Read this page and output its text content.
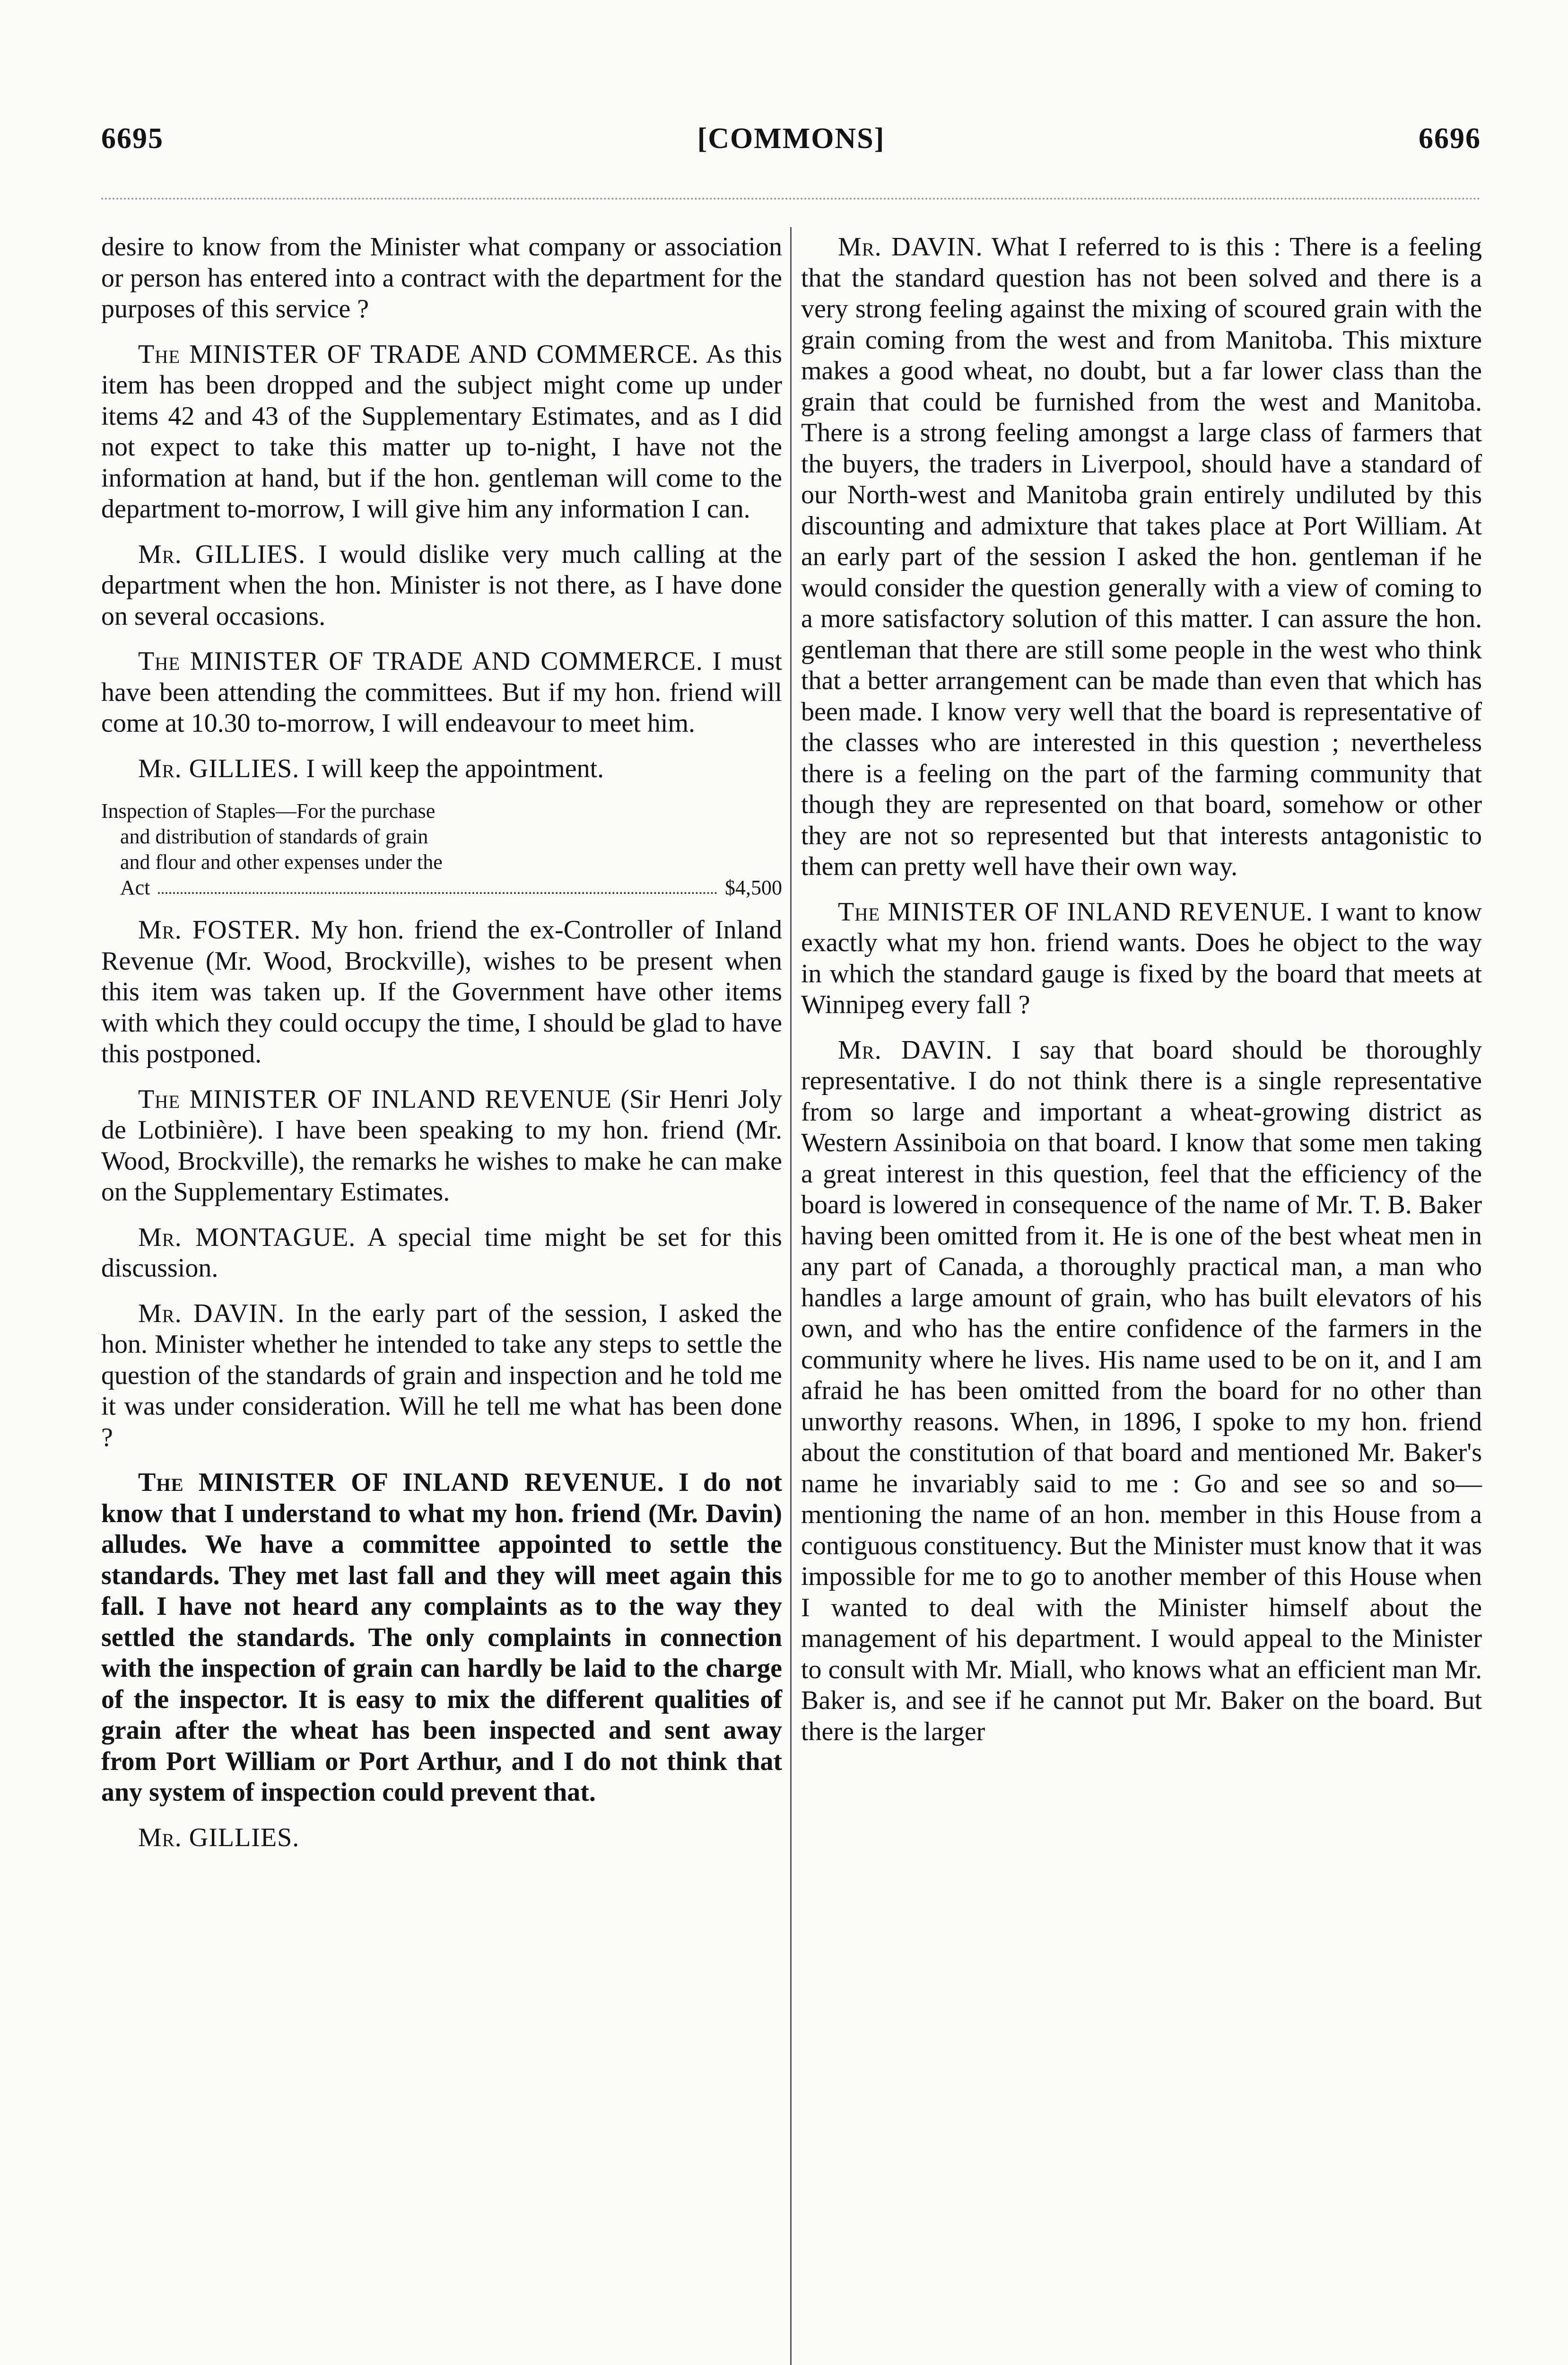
6695	[COMMONS]	6696

desire to know from the Minister what company or association or person has entered into a contract with the department for the purposes of this service ?

The MINISTER OF TRADE AND COMMERCE. As this item has been dropped and the subject might come up under items 42 and 43 of the Supplementary Estimates, and as I did not expect to take this matter up to-night, I have not the information at hand, but if the hon. gentleman will come to the department to-morrow, I will give him any information I can.

Mr. GILLIES. I would dislike very much calling at the department when the hon. Minister is not there, as I have done on several occasions.

The MINISTER OF TRADE AND COMMERCE. I must have been attending the committees. But if my hon. friend will come at 10.30 to-morrow, I will endeavour to meet him.

Mr. GILLIES. I will keep the appointment.

Inspection of Staples—For the purchase
and distribution of standards of grain
and flour and other expenses under the
Act	$4,500

Mr. FOSTER. My hon. friend the ex-Controller of Inland Revenue (Mr. Wood, Brockville), wishes to be present when this item was taken up. If the Government have other items with which they could occupy the time, I should be glad to have this postponed.

The MINISTER OF INLAND REVENUE (Sir Henri Joly de Lotbinière). I have been speaking to my hon. friend (Mr. Wood, Brockville), the remarks he wishes to make he can make on the Supplementary Estimates.

Mr. MONTAGUE. A special time might be set for this discussion.

Mr. DAVIN. In the early part of the session, I asked the hon. Minister whether he intended to take any steps to settle the question of the standards of grain and inspection and he told me it was under consideration. Will he tell me what has been done ?

The MINISTER OF INLAND REVENUE. I do not know that I understand to what my hon. friend (Mr. Davin) alludes. We have a committee appointed to settle the standards. They met last fall and they will meet again this fall. I have not heard any complaints as to the way they settled the standards. The only complaints in connection with the inspection of grain can hardly be laid to the charge of the inspector. It is easy to mix the different qualities of grain after the wheat has been inspected and sent away from Port William or Port Arthur, and I do not think that any system of inspection could prevent that.

Mr. GILLIES.

Mr. DAVIN. What I referred to is this : There is a feeling that the standard question has not been solved and there is a very strong feeling against the mixing of scoured grain with the grain coming from the west and from Manitoba. This mixture makes a good wheat, no doubt, but a far lower class than the grain that could be furnished from the west and Manitoba. There is a strong feeling amongst a large class of farmers that the buyers, the traders in Liverpool, should have a standard of our North-west and Manitoba grain entirely undiluted by this discounting and admixture that takes place at Port William. At an early part of the session I asked the hon. gentleman if he would consider the question generally with a view of coming to a more satisfactory solution of this matter. I can assure the hon. gentleman that there are still some people in the west who think that a better arrangement can be made than even that which has been made. I know very well that the board is representative of the classes who are interested in this question ; nevertheless there is a feeling on the part of the farming community that though they are represented on that board, somehow or other they are not so represented but that interests antagonistic to them can pretty well have their own way.

The MINISTER OF INLAND REVENUE. I want to know exactly what my hon. friend wants. Does he object to the way in which the standard gauge is fixed by the board that meets at Winnipeg every fall ?

Mr. DAVIN. I say that board should be thoroughly representative. I do not think there is a single representative from so large and important a wheat-growing district as Western Assiniboia on that board. I know that some men taking a great interest in this question, feel that the efficiency of the board is lowered in consequence of the name of Mr. T. B. Baker having been omitted from it. He is one of the best wheat men in any part of Canada, a thoroughly practical man, a man who handles a large amount of grain, who has built elevators of his own, and who has the entire confidence of the farmers in the community where he lives. His name used to be on it, and I am afraid he has been omitted from the board for no other than unworthy reasons. When, in 1896, I spoke to my hon. friend about the constitution of that board and mentioned Mr. Baker's name he invariably said to me : Go and see so and so—mentioning the name of an hon. member in this House from a contiguous constituency. But the Minister must know that it was impossible for me to go to another member of this House when I wanted to deal with the Minister himself about the management of his department. I would appeal to the Minister to consult with Mr. Miall, who knows what an efficient man Mr. Baker is, and see if he cannot put Mr. Baker on the board. But there is the larger
